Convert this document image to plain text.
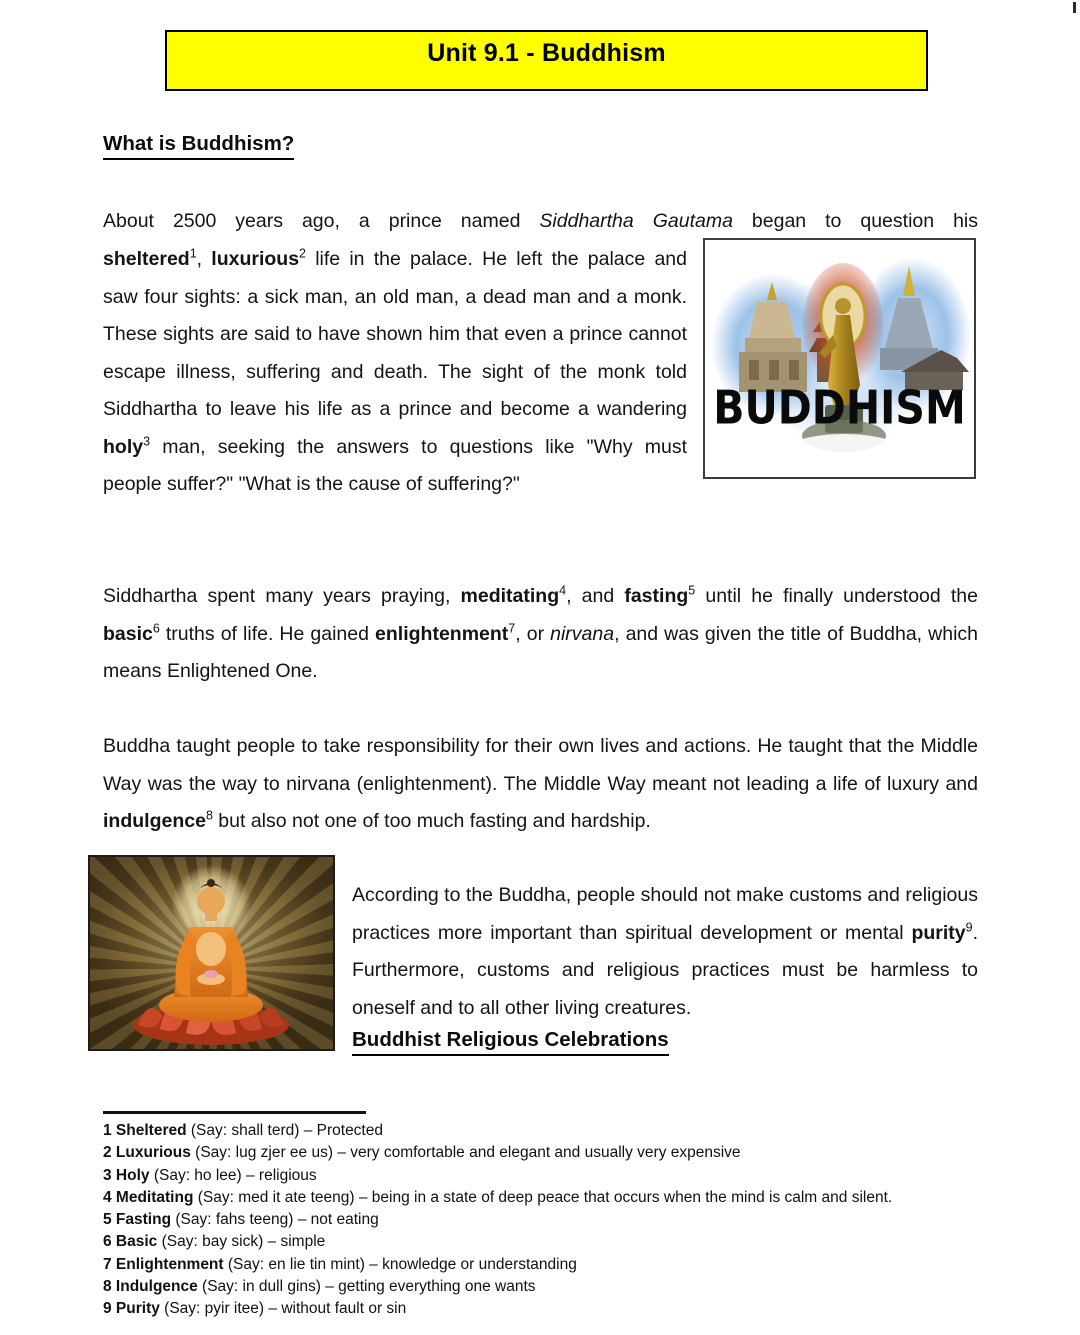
Unit 9.1 - Buddhism
What is Buddhism?
About 2500 years ago, a prince named Siddhartha Gautama began to question his
sheltered$^1$, luxurious$^2$ life in the palace. He left the palace and saw four sights: a sick man, an old man, a dead man and a monk. These sights are said to have shown him that even a prince cannot escape illness, suffering and death. The sight of the monk told Siddhartha to leave his life as a prince and become a wandering holy$^3$ man, seeking the answers to questions like "Why must people suffer?" "What is the cause of suffering?"
BUDDHISM
Siddhartha spent many years praying, meditating$^4$, and fasting$^5$ until he finally understood the basic$^6$ truths of life. He gained enlightenment$^7$, or nirvana, and was given the title of Buddha, which means Enlightened One.
Buddha taught people to take responsibility for their own lives and actions. He taught that the Middle Way was the way to nirvana (enlightenment). The Middle Way meant not leading a life of luxury and indulgence$^8$ but also not one of too much fasting and hardship.
According to the Buddha, people should not make customs and religious practices more important than spiritual development or mental purity$^9$. Furthermore, customs and religious practices must be harmless to oneself and to all other living creatures.
Buddhist Religious Celebrations
1 Sheltered (Say: shall terd) – Protected
2 Luxurious (Say: lug zjer ee us) – very comfortable and elegant and usually very expensive
3 Holy (Say: ho lee) – religious
4 Meditating (Say: med it ate teeng) – being in a state of deep peace that occurs when the mind is calm and silent.
5 Fasting (Say: fahs teeng) – not eating
6 Basic (Say: bay sick) – simple
7 Enlightenment (Say: en lie tin mint) – knowledge or understanding
8 Indulgence (Say: in dull gins) – getting everything one wants
9 Purity (Say: pyir itee) – without fault or sin
